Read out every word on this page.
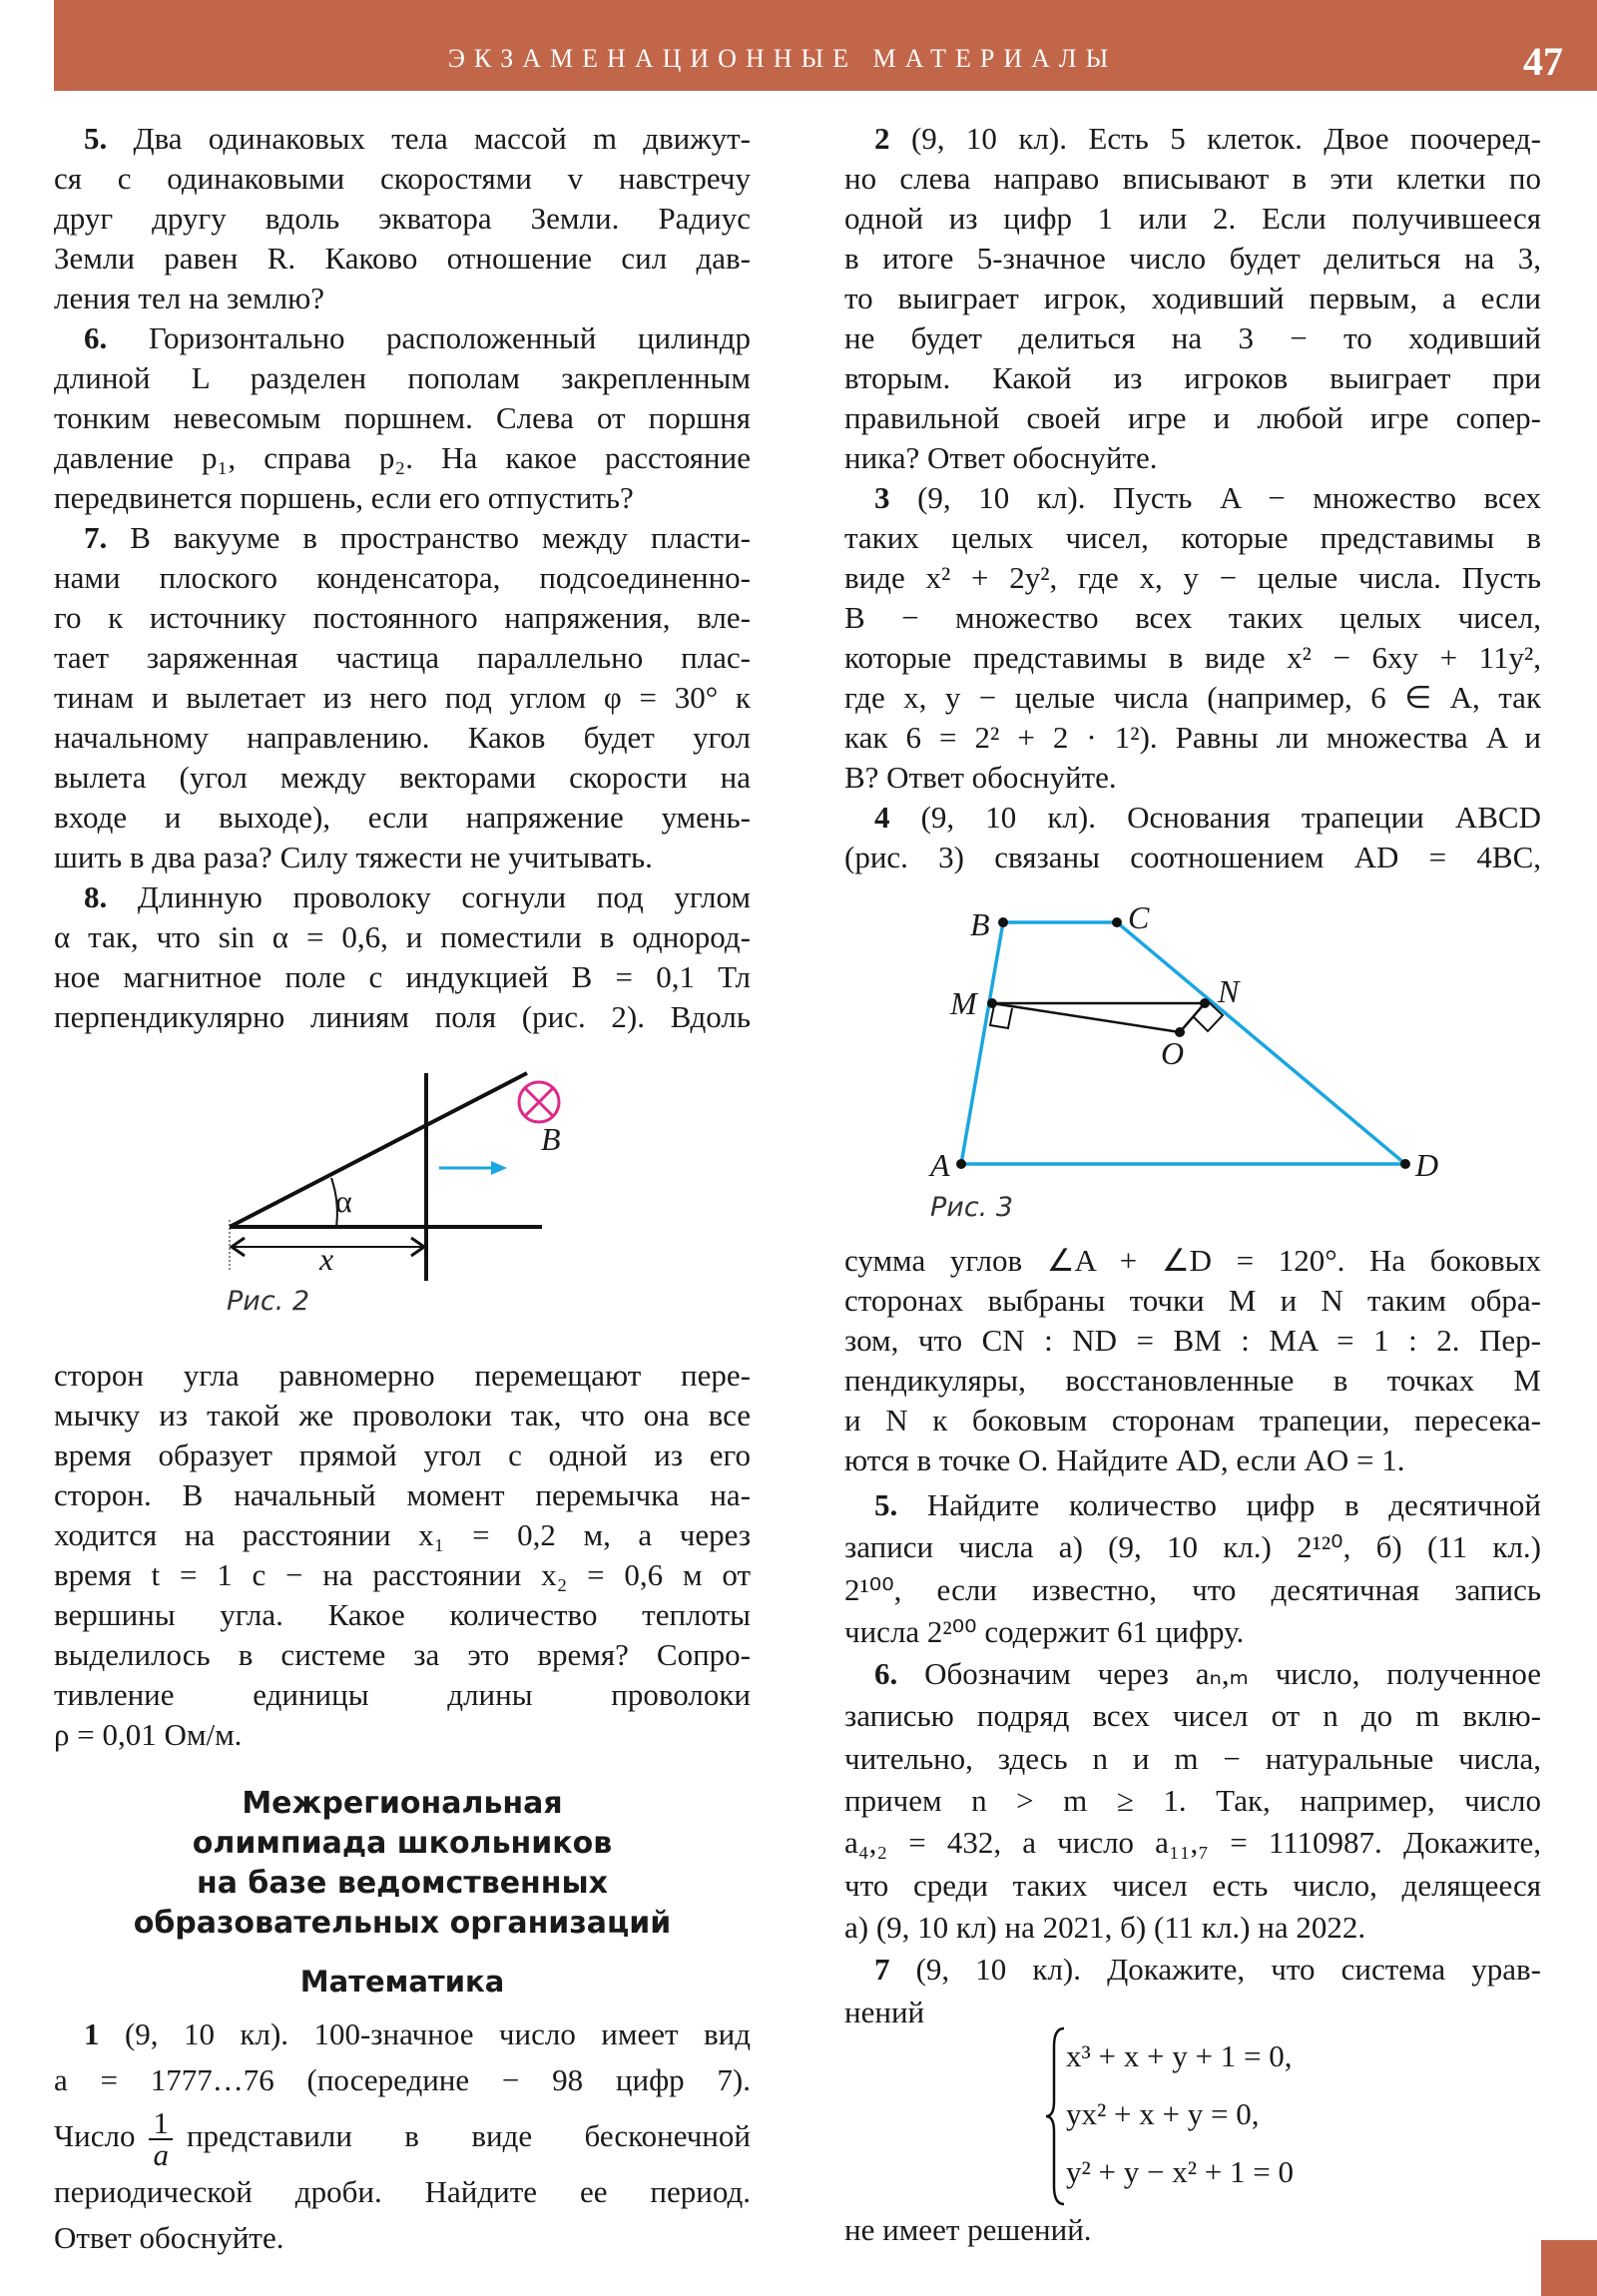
ЭКЗАМЕНАЦИОННЫЕ МАТЕРИАЛЫ	47
5. Два одинаковых тела массой m движут-
ся с одинаковыми скоростями v навстречу
друг другу вдоль экватора Земли. Радиус
Земли равен R. Каково отношение сил дав-
ления тел на землю?
6. Горизонтально расположенный цилиндр
длиной L разделен пополам закрепленным
тонким невесомым поршнем. Слева от поршня
давление p₁, справа p₂. На какое расстояние
передвинется поршень, если его отпустить?
7. В вакууме в пространство между пласти-
нами плоского конденсатора, подсоединенно-
го к источнику постоянного напряжения, вле-
тает заряженная частица параллельно плас-
тинам и вылетает из него под углом φ = 30° к
начальному направлению. Каков будет угол
вылета (угол между векторами скорости на
входе и выходе), если напряжение умень-
шить в два раза? Силу тяжести не учитывать.
8. Длинную проволоку согнули под углом
α так, что sin α = 0,6, и поместили в однород-
ное магнитное поле с индукцией B = 0,1 Тл
перпендикулярно линиям поля (рис. 2). Вдоль
B
α
x
Рис. 2
сторон угла равномерно перемещают пере-
мычку из такой же проволоки так, что она все
время образует прямой угол с одной из его
сторон. В начальный момент перемычка на-
ходится на расстоянии x₁ = 0,2 м, а через
время t = 1 с − на расстоянии x₂ = 0,6 м от
вершины угла. Какое количество теплоты
выделилось в системе за это время? Сопро-
тивление единицы длины проволоки
ρ = 0,01 Ом/м.
Межрегиональная
олимпиада школьников
на базе ведомственных
образовательных организаций
Математика
1 (9, 10 кл). 100-значное число имеет вид
a = 1777…76 (посередине − 98 цифр 7).
Число $\frac{1}{a}$ представили в виде бесконечной
периодической дроби. Найдите ее период.
Ответ обоснуйте.
2 (9, 10 кл). Есть 5 клеток. Двое поочеред-
но слева направо вписывают в эти клетки по
одной из цифр 1 или 2. Если получившееся
в итоге 5-значное число будет делиться на 3,
то выиграет игрок, ходивший первым, а если
не будет делиться на 3 − то ходивший
вторым. Какой из игроков выиграет при
правильной своей игре и любой игре сопер-
ника? Ответ обоснуйте.
3 (9, 10 кл). Пусть A − множество всех
таких целых чисел, которые представимы в
виде x² + 2y², где x, y − целые числа. Пусть
B − множество всех таких целых чисел,
которые представимы в виде x² − 6xy + 11y²,
где x, y − целые числа (например, 6 ∈ A, так
как 6 = 2² + 2 · 1²). Равны ли множества A и
B? Ответ обоснуйте.
4 (9, 10 кл). Основания трапеции ABCD
(рис. 3) связаны соотношением AD = 4BC,
B	C
M	N
O
A	D
Рис. 3
сумма углов ∠A + ∠D = 120°. На боковых
сторонах выбраны точки M и N таким обра-
зом, что CN : ND = BM : MA = 1 : 2. Пер-
пендикуляры, восстановленные в точках M
и N к боковым сторонам трапеции, пересека-
ются в точке O. Найдите AD, если AO = 1.
5. Найдите количество цифр в десятичной
записи числа а) (9, 10 кл.) 2¹²⁰, б) (11 кл.)
2¹⁰⁰, если известно, что десятичная запись
числа 2²⁰⁰ содержит 61 цифру.
6. Обозначим через aₙ,ₘ число, полученное
записью подряд всех чисел от n до m вклю-
чительно, здесь n и m − натуральные числа,
причем n > m ≥ 1. Так, например, число
a₄,₂ = 432, а число a₁₁,₇ = 1110987. Докажите,
что среди таких чисел есть число, делящееся
а) (9, 10 кл) на 2021, б) (11 кл.) на 2022.
7 (9, 10 кл). Докажите, что система урав-
нений
x³ + x + y + 1 = 0,
yx² + x + y = 0,
y² + y − x² + 1 = 0
не имеет решений.
